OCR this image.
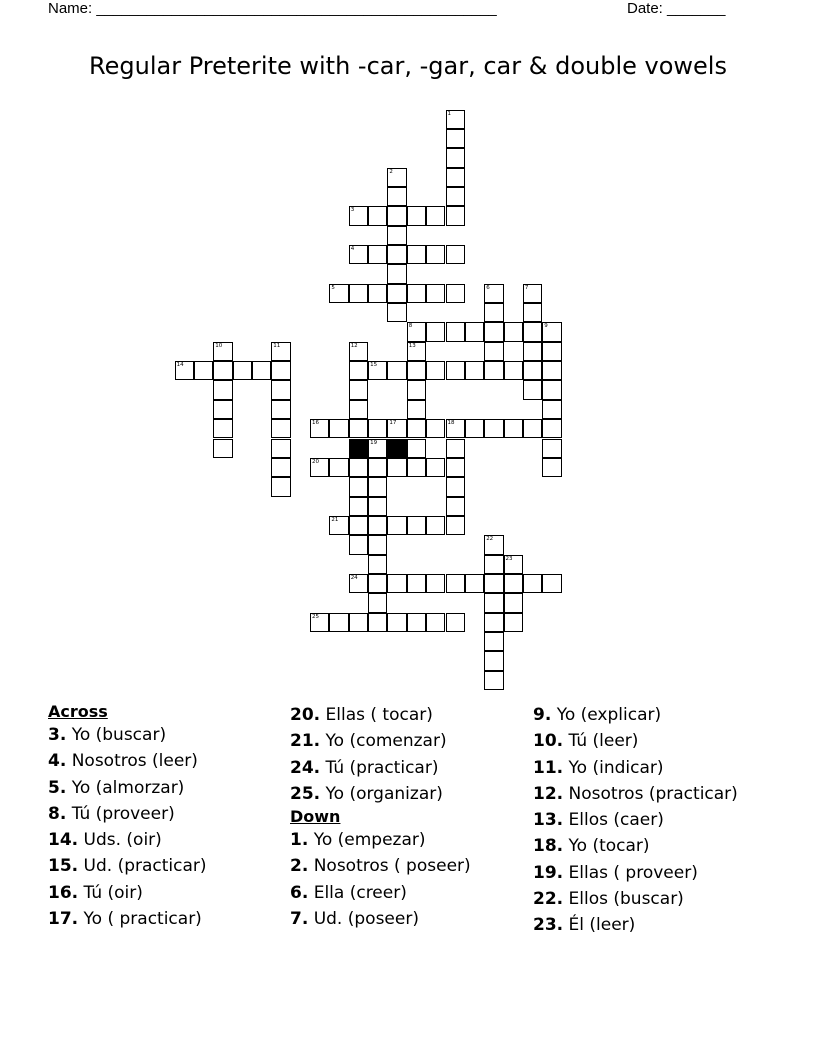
Name: ________________________________________________	Date: _______
Regular Preterite with -car, -gar, car & double vowels
1
2
3
4
5	6	7
8	9
10	11	12	13
14	15
16	17	18
19
20
21
22
23
24
25
Across
3. Yo (buscar)
4. Nosotros (leer)
5. Yo (almorzar)
8. Tú (proveer)
14. Uds. (oir)
15. Ud. (practicar)
16. Tú (oir)
17. Yo ( practicar)
20. Ellas ( tocar)
21. Yo (comenzar)
24. Tú (practicar)
25. Yo (organizar)
Down
1. Yo (empezar)
2. Nosotros ( poseer)
6. Ella (creer)
7. Ud. (poseer)
9. Yo (explicar)
10. Tú (leer)
11. Yo (indicar)
12. Nosotros (practicar)
13. Ellos (caer)
18. Yo (tocar)
19. Ellas ( proveer)
22. Ellos (buscar)
23. Él (leer)
